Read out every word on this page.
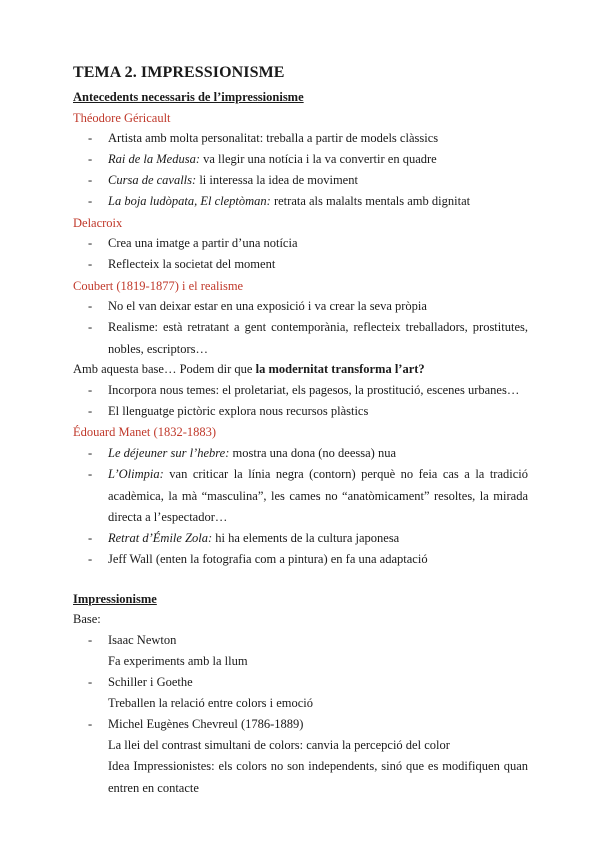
TEMA 2. IMPRESSIONISME
Antecedents necessaris de l’impressionisme
Théodore Géricault
- Artista amb molta personalitat: treballa a partir de models clàssics
- Rai de la Medusa: va llegir una notícia i la va convertir en quadre
- Cursa de cavalls: li interessa la idea de moviment
- La boja ludòpata, El cleptòman: retrata als malalts mentals amb dignitat
Delacroix
- Crea una imatge a partir d’una notícia
- Reflecteix la societat del moment
Coubert (1819-1877) i el realisme
- No el van deixar estar en una exposició i va crear la seva pròpia
- Realisme: està retratant a gent contemporània, reflecteix treballadors, prostitutes, nobles, escriptors…
Amb aquesta base… Podem dir que la modernitat transforma l’art?
- Incorpora nous temes: el proletariat, els pagesos, la prostitució, escenes urbanes…
- El llenguatge pictòric explora nous recursos plàstics
Édouard Manet (1832-1883)
- Le déjeuner sur l’hebre: mostra una dona (no deessa) nua
- L’Olimpia: van criticar la línia negra (contorn) perquè no feia cas a la tradició acadèmica, la mà “masculina”, les cames no “anatòmicament” resoltes, la mirada directa a l’espectador…
- Retrat d’Émile Zola: hi ha elements de la cultura japonesa
- Jeff Wall (enten la fotografia com a pintura) en fa una adaptació
Impressionisme
Base:
- Isaac Newton
Fa experiments amb la llum
- Schiller i Goethe
Treballen la relació entre colors i emoció
- Michel Eugènes Chevreul (1786-1889)
La llei del contrast simultani de colors: canvia la percepció del color
Idea Impressionistes: els colors no son independents, sinó que es modifiquen quan entren en contacte
